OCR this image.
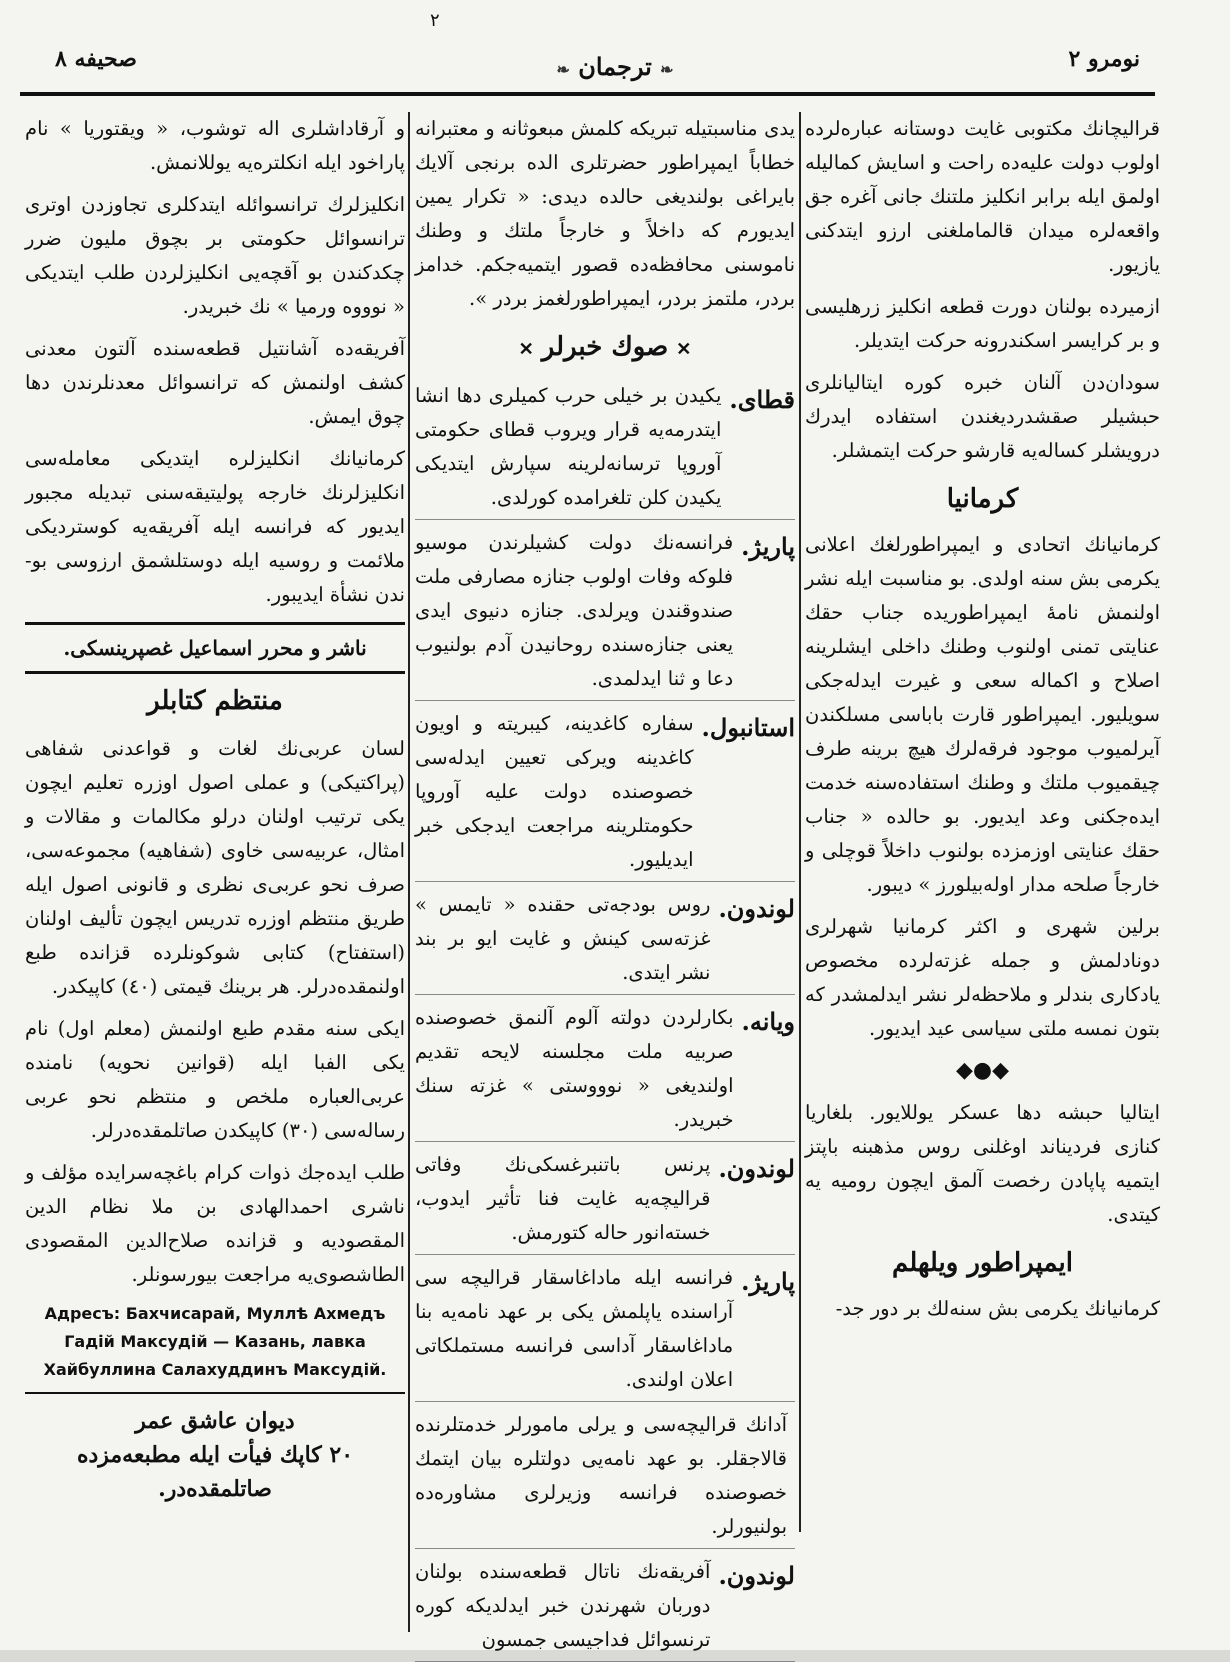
٢
صحيفه ٨	❧ ترجمان ❧	نومرو ٢

قراليچانك مكتوبى غايت دوستانه عباره‌لرده اولوب دولت عليه‌ده راحت و اسايش كماليله اولمق ايله برابر انكليز ملتنك جانى آغره جق واقعه‌لره ميدان قالماملغنى ارزو ايتدكنى يازيور.

ازميرده بولنان دورت قطعه انكليز زرهليسى و بر كرايسر اسكندرونه حركت ايتديلر.

سودان‌دن آلنان خبره كوره ايتاليانلرى حبشيلر صقشدرديغندن استفاده ايدرك درويشلر كساله‌يه قارشو حركت ايتمشلر.

كرمانيا

كرمانيانك اتحادى و ايمپراطورلغك اعلانى يكرمى بش سنه اولدى. بو مناسبت ايله نشر اولنمش نامهٔ ايمپراطوريده جناب حقك عنايتى تمنى اولنوب وطنك داخلى ايشلرينه اصلاح و اكماله سعى و غيرت ايدله‌جكى سويليور. ايمپراطور قارت باباسى مسلكندن آيرلميوب موجود فرقه‌لرك هيچ برينه طرف چيقميوب ملتك و وطنك استفاده‌سنه خدمت ايده‌جكنى وعد ايديور. بو حالده « جناب حقك عنايتى اوزمزده بولنوب داخلاً قوچلى و خارجاً صلحه مدار اوله‌بيلورز » ديبور.

برلين شهرى و اكثر كرمانيا شهرلرى دونادلمش و جمله غزته‌لرده مخصوص يادكارى بندلر و ملاحظه‌لر نشر ايدلمشدر كه بتون نمسه ملتى سياسى عيد ايديور.

◆●◆

ايتاليا حبشه دها عسكر يوللايور. بلغاريا كنازى فرديناند اوغلنى روس مذهبنه باپتز ايتميه پاپادن رخصت آلمق ايچون روميه يه كيتدى.

ايمپراطور ويلهلم

كرمانيانك يكرمى بش سنه‌لك بر دور جد-

يدى مناسبتيله تبريكه كلمش مبعوثانه و معتبرانه خطاباً ايمپراطور حضرتلرى الده برنجى آلايك بايراغى بولنديغى حالده ديدى: « تكرار يمين ايديورم كه داخلاً و خارجاً ملتك و وطنك ناموسنى محافظه‌ده قصور ايتميه‌جكم. خدامز بردر، ملتمز بردر، ايمپراطورلغمز بردر ».

✕صوك خبرلر✕
قطاى.
يكيدن بر خيلى حرب كميلرى دها انشا ايتدرمه‌يه قرار ويروب قطاى حكومتى آوروپا ترسانه‌لرينه سپارش ايتديكى يكيدن كلن تلغرامده كورلدى.
پاريژ.
فرانسه‌نك دولت كشيلرندن موسيو فلوكه وفات اولوب جنازه مصارفى ملت صندوقندن ويرلدى. جنازه دنيوى ايدى يعنى جنازه‌سنده روحانيدن آدم بولنيوب دعا و ثنا ايدلمدى.
استانبول.
سفاره كاغدينه، كيبريته و اويون كاغدينه ويركى تعيين ايدله‌سى خصوصنده دولت عليه آوروپا حكومتلرينه مراجعت ايدجكى خبر ايديليور.
لوندون.
روس بودجه‌تى حقنده « تايمس » غزته‌سى كينش و غايت ايو بر بند نشر ايتدى.
ويانه.
بكارلردن دولته آلوم آلنمق خصوصنده صربيه ملت مجلسنه لايحه تقديم اولنديغى « نوووستى » غزته سنك خبريدر.
لوندون.
پرنس باتنبرغسكى‌نك وفاتى قراليچه‌يه غايت فنا تأثير ايدوب، خسته‌انور حاله كتورمش.
پاريژ.
فرانسه ايله ماداغاسقار قراليچه سى آراسنده ياپلمش يكى بر عهد نامه‌يه بنا ماداغاسقار آداسى فرانسه مستملكاتى اعلان اولندى.
آدانك قراليچه‌سى و يرلى مامورلر خدمتلرنده قالاجقلر. بو عهد نامه‌يى دولتلره بيان ايتمك خصوصنده فرانسه وزيرلرى مشاوره‌ده بولنيورلر.
لوندون.
آفريقه‌نك ناتال قطعه‌سنده بولنان دوربان شهرندن خبر ايدلديكه كوره ترنسوائل فداجيسى جمسون

و آرقاداشلرى اله توشوب، « ويقتوريا » نام پاراخود ايله انكلتره‌يه يوللانمش.

انكليزلرك ترانسوائله ايتدكلرى تجاوزدن اوترى ترانسوائل حكومتى بر بچوق مليون ضرر چكدكندن بو آقچه‌يى انكليزلردن طلب ايتديكى « نوووه ورميا » نك خبريدر.

آفريقه‌ده آشانتيل قطعه‌سنده آلتون معدنى كشف اولنمش كه ترانسوائل معدنلرندن دها چوق ايمش.

كرمانيانك انكليزلره ايتديكى معامله‌سى انكليزلرنك خارجه پوليتيقه‌سنى تبديله مجبور ايديور كه فرانسه ايله آفريقه‌يه كوسترديكى ملائمت و روسيه ايله دوستلشمق ارزوسى بو-ندن نشأة ايديبور.

ناشر و محرر اسماعيل غصپرينسكى.
منتظم كتابلر

لسان عربى‌نك لغات و قواعدنى شفاهى (پراكتيكى) و عملى اصول اوزره تعليم ايچون يكى ترتيب اولنان درلو مكالمات و مقالات و امثال، عربيه‌سى خاوى (شفاهيه) مجموعه‌سى، صرف نحو عربى‌ى نظرى و قانونى اصول ايله طريق منتظم اوزره تدريس ايچون تأليف اولنان (استفتاح) كتابى شوكونلرده قزانده طبع اولنمقده‌درلر. هر برينك قيمتى (٤٠) كاپيكدر.

ايكى سنه مقدم طبع اولنمش (معلم اول) نام يكى الفبا ايله (قوانين نحويه) نامنده عربى‌العباره ملخص و منتظم نحو عربى رساله‌سى (٣٠) كاپيكدن صاتلمقده‌درلر.

طلب ايده‌جك ذوات كرام باغچه‌سرايده مؤلف و ناشرى احمدالهادى بن ملا نظام الدين المقصوديه و قزانده صلاح‌الدين المقصودى الطاشصوى‌يه مراجعت بيورسونلر.

Адресъ: Бахчисарай, Муллѣ Ахмедъ Гадій Максудій — Казань, лавка Хайбуллина Салахуддинъ Максудій.
ديوان عاشق عمر
٢٠ كاپك فيأت ايله مطبعه‌مزده صاتلمقده‌در.
